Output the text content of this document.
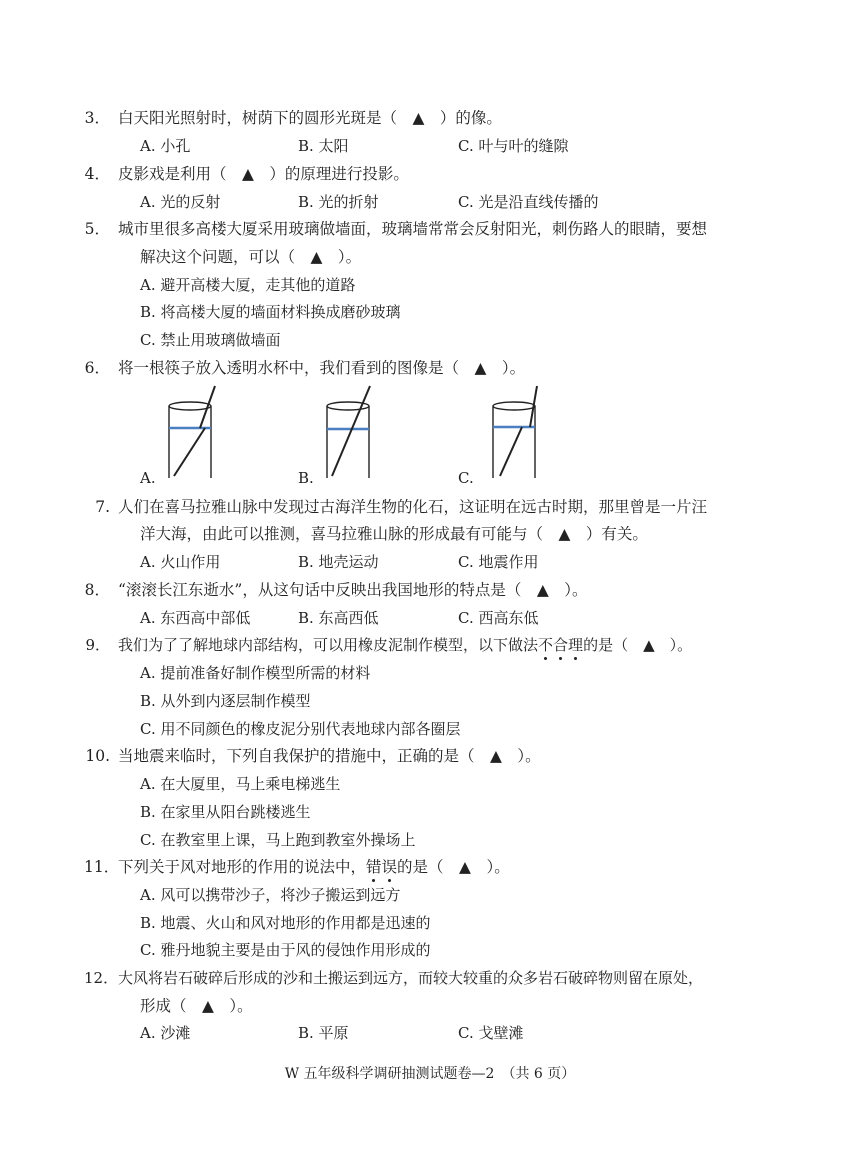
3． 白天阳光照射时，树荫下的圆形光斑是（　▲　）的像。
A. 小孔	B. 太阳	C. 叶与叶的缝隙
4． 皮影戏是利用（　▲　）的原理进行投影。
A. 光的反射	B. 光的折射	C. 光是沿直线传播的
5． 城市里很多高楼大厦采用玻璃做墙面，玻璃墙常常会反射阳光，刺伤路人的眼睛，要想
解决这个问题，可以（　▲　）。
A. 避开高楼大厦，走其他的道路
B. 将高楼大厦的墙面材料换成磨砂玻璃
C. 禁止用玻璃做墙面
6． 将一根筷子放入透明水杯中，我们看到的图像是（　▲　）。
A.	B.	C.
7. 人们在喜马拉雅山脉中发现过古海洋生物的化石，这证明在远古时期，那里曾是一片汪
洋大海，由此可以推测，喜马拉雅山脉的形成最有可能与（　▲　）有关。
A. 火山作用	B. 地壳运动	C. 地震作用
8． “滚滚长江东逝水”，从这句话中反映出我国地形的特点是（　▲　）。
A. 东西高中部低	B. 东高西低	C. 西高东低
9． 我们为了了解地球内部结构，可以用橡皮泥制作模型，以下做法不合理的是（　▲　）。
A. 提前准备好制作模型所需的材料
B. 从外到内逐层制作模型
C. 用不同颜色的橡皮泥分别代表地球内部各圈层
10. 当地震来临时，下列自我保护的措施中，正确的是（　▲　）。
A. 在大厦里，马上乘电梯逃生
B. 在家里从阳台跳楼逃生
C. 在教室里上课，马上跑到教室外操场上
11．下列关于风对地形的作用的说法中，错误的是（　▲　）。
A. 风可以携带沙子，将沙子搬运到远方
B. 地震、火山和风对地形的作用都是迅速的
C. 雅丹地貌主要是由于风的侵蚀作用形成的
12．大风将岩石破碎后形成的沙和土搬运到远方，而较大较重的众多岩石破碎物则留在原处，
形成（　▲　）。
A. 沙滩	B. 平原	C. 戈壁滩
W 五年级科学调研抽测试题卷—2　（共 6 页）
